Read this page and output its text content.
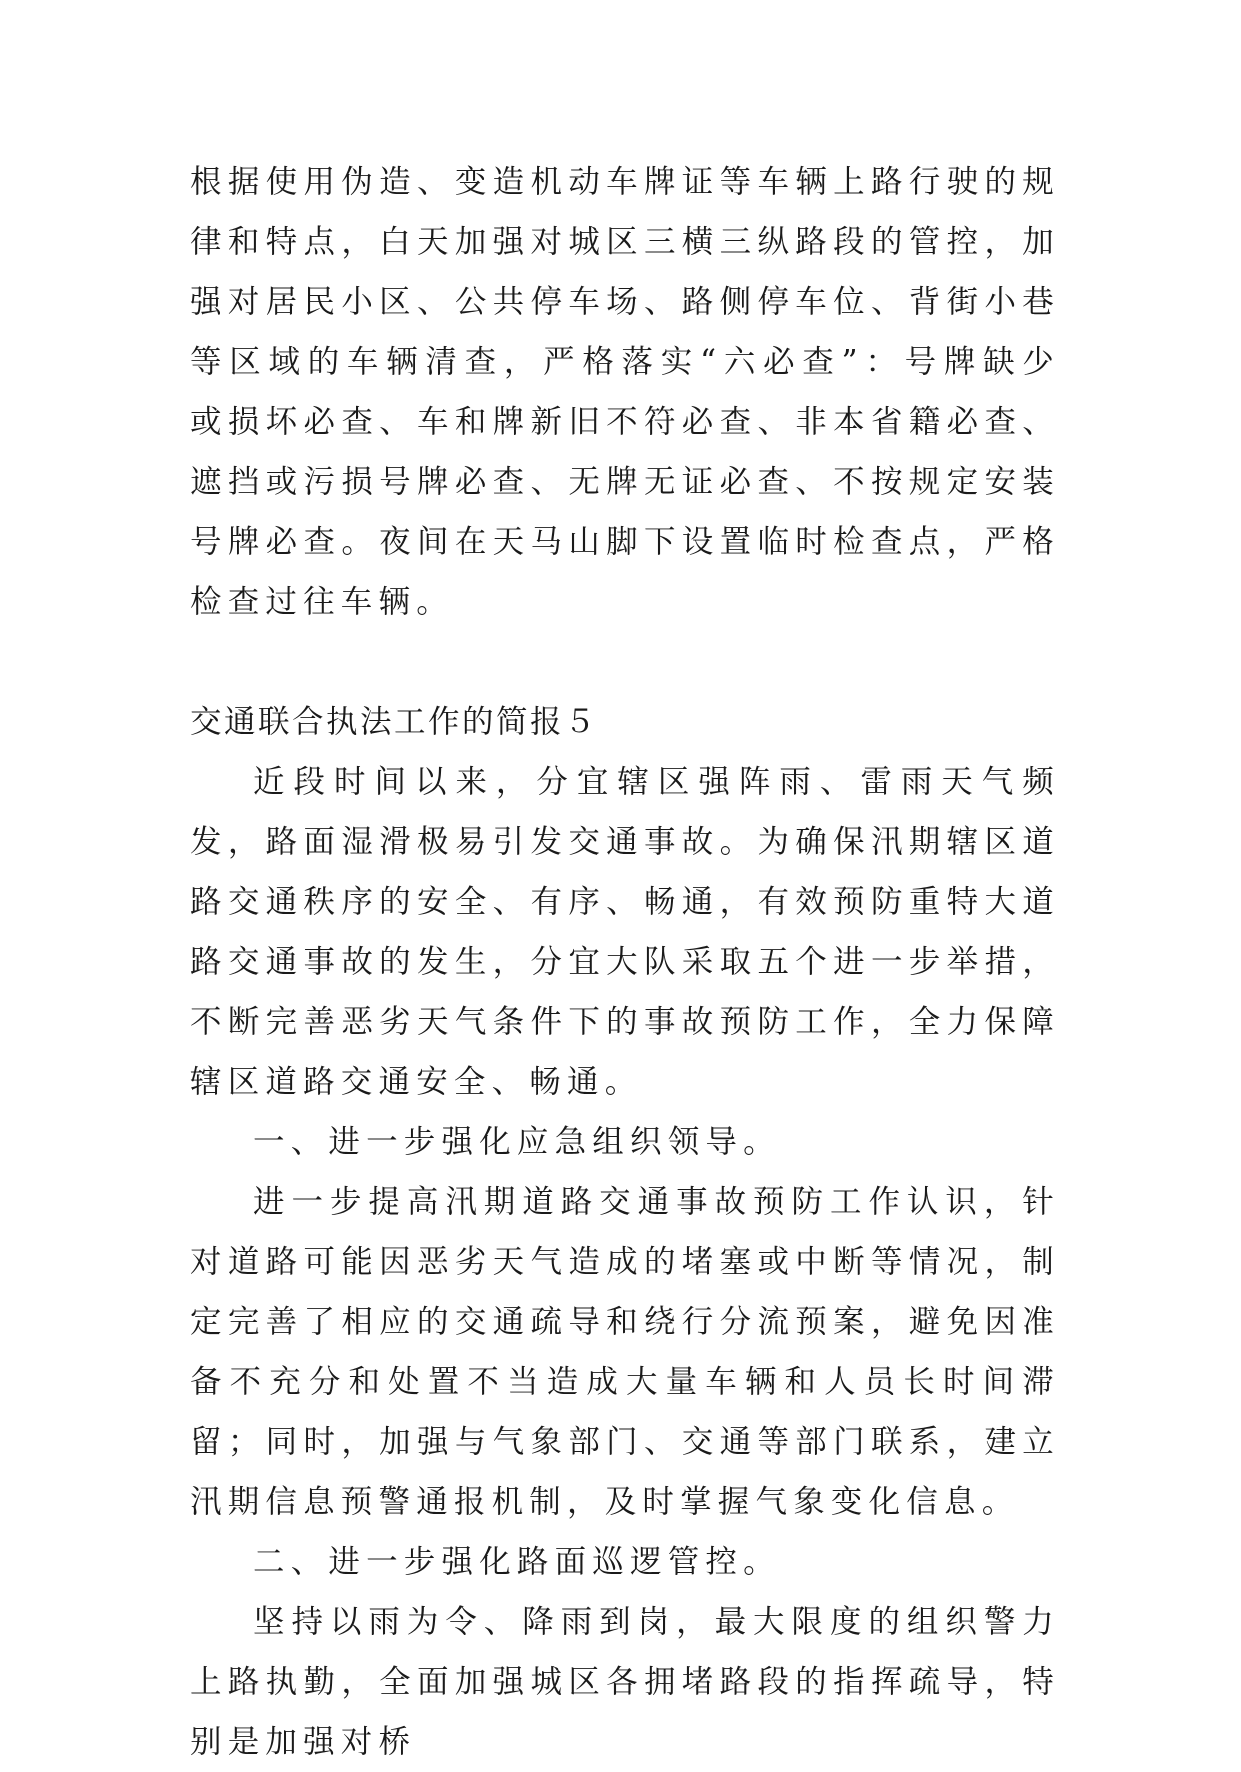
根据使用伪造、变造机动车牌证等车辆上路行驶的规律和特点，白天加强对城区三横三纵路段的管控，加强对居民小区、公共停车场、路侧停车位、背街小巷等区域的车辆清查，严格落实“六必查”：号牌缺少或损坏必查、车和牌新旧不符必查、非本省籍必查、遮挡或污损号牌必查、无牌无证必查、不按规定安装号牌必查。夜间在天马山脚下设置临时检查点，严格检查过往车辆。

交通联合执法工作的简报５

近段时间以来，分宜辖区强阵雨、雷雨天气频发，路面湿滑极易引发交通事故。为确保汛期辖区道路交通秩序的安全、有序、畅通，有效预防重特大道路交通事故的发生，分宜大队采取五个进一步举措，不断完善恶劣天气条件下的事故预防工作，全力保障辖区道路交通安全、畅通。

一、进一步强化应急组织领导。

进一步提高汛期道路交通事故预防工作认识，针对道路可能因恶劣天气造成的堵塞或中断等情况，制定完善了相应的交通疏导和绕行分流预案，避免因准备不充分和处置不当造成大量车辆和人员长时间滞留；同时，加强与气象部门、交通等部门联系，建立汛期信息预警通报机制，及时掌握气象变化信息。

二、进一步强化路面巡逻管控。

坚持以雨为令、降雨到岗，最大限度的组织警力上路执勤，全面加强城区各拥堵路段的指挥疏导，特别是加强对桥
